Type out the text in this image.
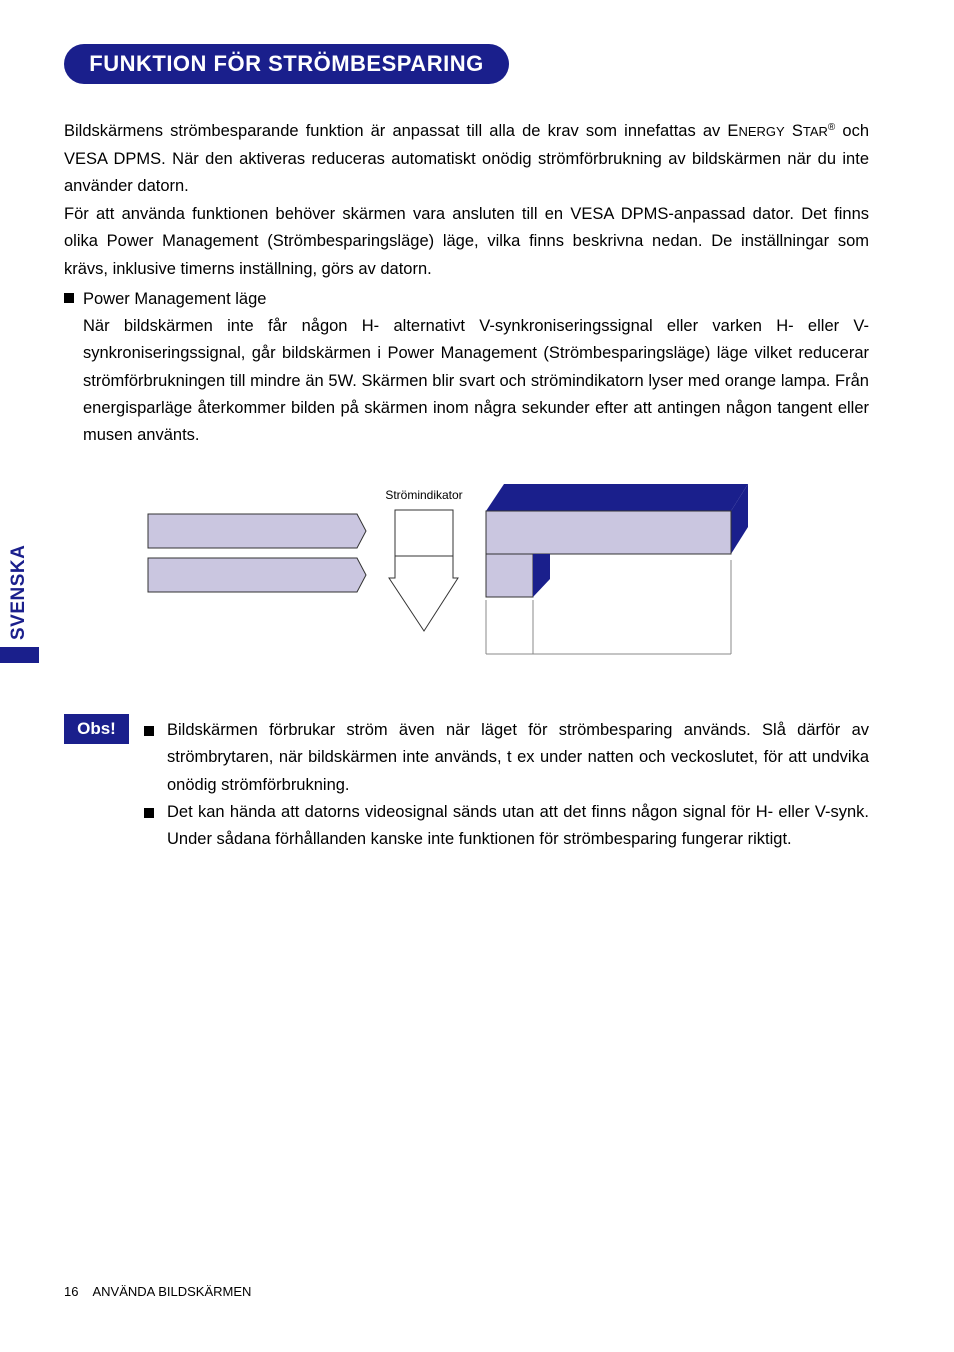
FUNKTION FÖR STRÖMBESPARING

Bildskärmens strömbesparande funktion är anpassat till alla de krav som innefattas av ENERGY STAR® och VESA DPMS. När den aktiveras reduceras automatiskt onödig strömförbrukning av bildskärmen när du inte använder datorn.

För att använda funktionen behöver skärmen vara ansluten till en VESA DPMS-anpassad dator. Det finns olika Power Management (Strömbesparingsläge) läge, vilka finns beskrivna nedan. De inställningar som krävs, inklusive timerns inställning, görs av datorn.

Power Management läge
När bildskärmen inte får någon H- alternativt V-synkroniseringssignal eller varken H- eller V-synkroniseringssignal, går bildskärmen i Power Management (Strömbesparingsläge) läge vilket reducerar strömförbrukningen till mindre än 5W. Skärmen blir svart och strömindikatorn lyser med orange lampa. Från energisparläge återkommer bilden på skärmen inom några sekunder efter att antingen någon tangent eller musen använts.
Strömindikator
SVENSKA
Obs!	Bildskärmen förbrukar ström även när läget för strömbesparing används. Slå därför av strömbrytaren, när bildskärmen inte används, t ex under natten och veckoslutet, för att undvika onödig strömförbrukning.

Det kan hända att datorns videosignal sänds utan att det finns någon signal för H- eller V-synk. Under sådana förhållanden kanske inte funktionen för strömbesparing fungerar riktigt.

16 ANVÄNDA BILDSKÄRMEN
